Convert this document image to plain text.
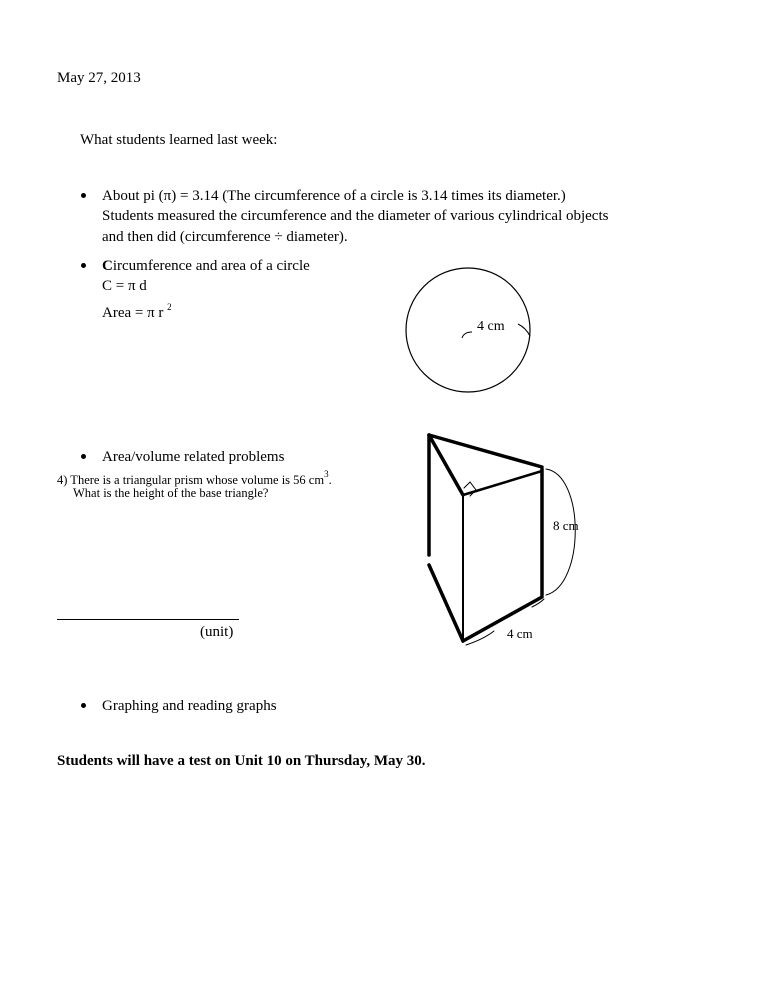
May 27, 2013
What students learned last week:
About pi (π) = 3.14 (The circumference of a circle is 3.14 times its diameter.)
Students measured the circumference and the diameter of various cylindrical objects
and then did (circumference ÷ diameter).
Circumference and area of a circle
C = π d
Area = π r $^2$
4 cm
Area/volume related problems
4) There is a triangular prism whose volume is 56 $cm^3$.
What is the height of the base triangle?
(unit)
8 cm
4 cm
Graphing and reading graphs
Students will have a test on Unit 10 on Thursday, May 30.
